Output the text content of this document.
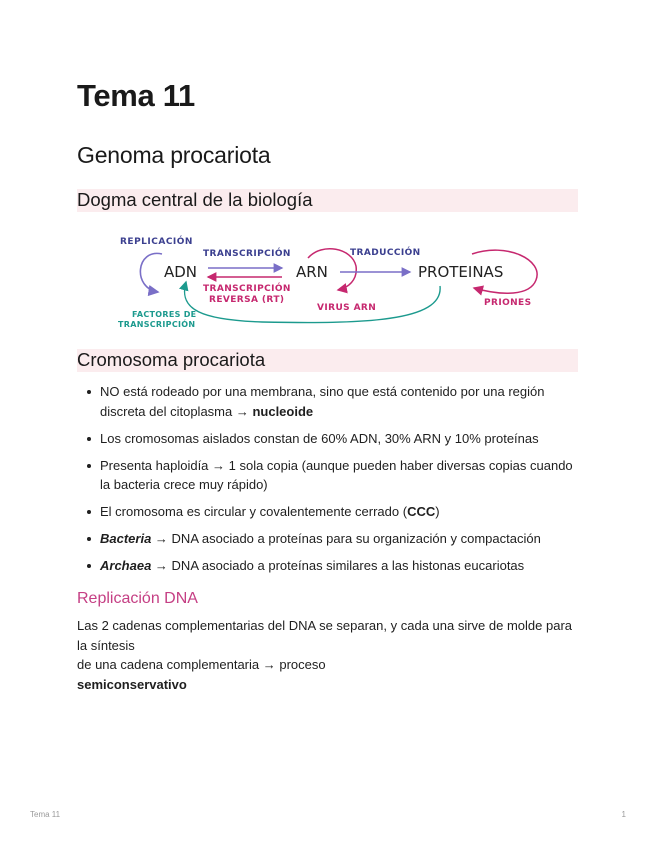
Tema 11
Genoma procariota
Dogma central de la biología
REPLICACIÓN
ADN
TRANSCRIPCIÓN
TRANSCRIPCIÓN
REVERSA (RT)
ARN
VIRUS ARN
TRADUCCIÓN
PROTEINAS
PRIONES
FACTORES DE
TRANSCRIPCIÓN
Cromosoma procariota
NO está rodeado por una membrana, sino que está contenido por una región discreta del citoplasma → nucleoide
Los cromosomas aislados constan de 60% ADN, 30% ARN y 10% proteínas
Presenta haploidía → 1 sola copia (aunque pueden haber diversas copias cuando la bacteria crece muy rápido)
El cromosoma es circular y covalentemente cerrado (CCC)
Bacteria → DNA asociado a proteínas para su organización y compactación
Archaea → DNA asociado a proteínas similares a las histonas eucariotas
Replicación DNA

Las 2 cadenas complementarias del DNA se separan, y cada una sirve de molde para la síntesis
de una cadena complementaria → proceso
semiconservativo

Tema 11	1
